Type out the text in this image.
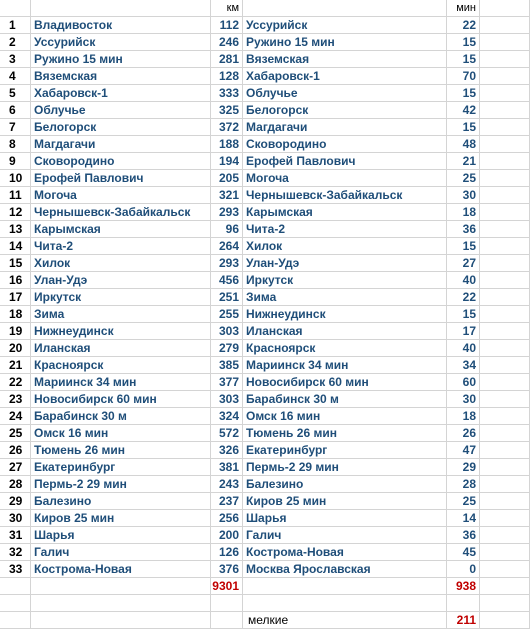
км	мин
1	Владивосток	112 Уссурийск	22
2	Уссурийск	246 Ружино 15 мин	15
3	Ружино 15 мин	281 Вяземская	15
4	Вяземская	128 Хабаровск-1	70
5	Хабаровск-1	333 Облучье	15
6	Облучье	325 Белогорск	42
7	Белогорск	372 Магдагачи	15
8	Магдагачи	188 Сковородино	48
9	Сковородино	194 Ерофей Павлович	21
10 Ерофей Павлович	205 Могоча	25
11	Могоча	321 Чернышевск-Забайкальск	30
12 Чернышевск-Забайкальск	293 Карымская	18
13 Карымская	96 Чита-2	36
14 Чита-2	264 Хилок	15
15 Хилок	293 Улан-Удэ	27
16 Улан-Удэ	456 Иркутск	40
17 Иркутск	251 Зима	22
18 Зима	255 Нижнеудинск	15
19 Нижнеудинск	303 Иланская	17
20 Иланская	279 Красноярск	40
21 Красноярск	385 Мариинск 34 мин	34
22 Мариинск 34 мин	377 Новосибирск 60 мин	60
23 Новосибирск 60 мин	303 Барабинск 30 м	30
24 Барабинск 30 м	324 Омск 16 мин	18
25 Омск 16 мин	572 Тюмень 26 мин	26
26 Тюмень 26 мин	326 Екатеринбург	47
27 Екатеринбург	381 Пермь-2 29 мин	29
28 Пермь-2 29 мин	243 Балезино	28
29 Балезино	237 Киров 25 мин	25
30 Киров 25 мин	256 Шарья	14
31 Шарья	200 Галич	36
32 Галич	126 Кострома-Новая	45
33 Кострома-Новая	376 Москва Ярославская	0
9301	938
мелкие	211
